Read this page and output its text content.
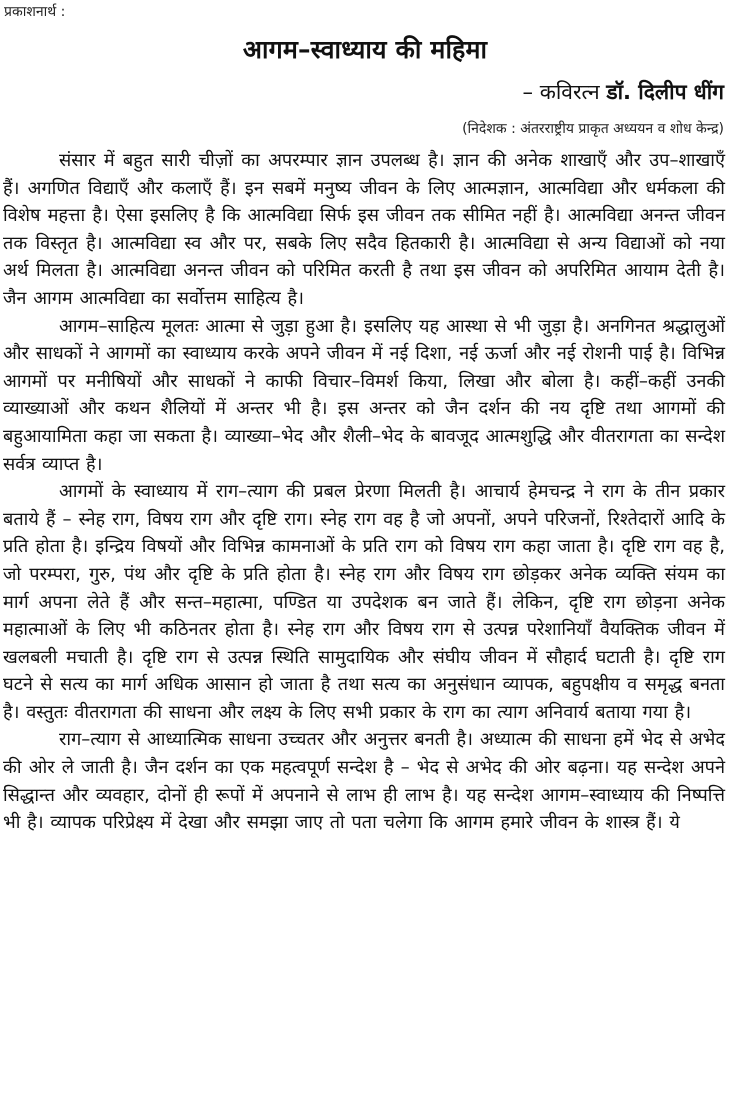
प्रकाशनार्थ :
आगम–स्वाध्याय की महिमा
– कविरत्न डॉ. दिलीप धींग
(निदेशक : अंतरराष्ट्रीय प्राकृत अध्ययन व शोध केन्द्र)

संसार में बहुत सारी चीज़ों का अपरम्पार ज्ञान उपलब्ध है। ज्ञान की अनेक शाखाएँ और उप–शाखाएँ हैं। अगणित विद्याएँ और कलाएँ हैं। इन सबमें मनुष्य जीवन के लिए आत्मज्ञान, आत्मविद्या और धर्मकला की विशेष महत्ता है। ऐसा इसलिए है कि आत्मविद्या सिर्फ इस जीवन तक सीमित नहीं है। आत्मविद्या अनन्त जीवन तक विस्तृत है। आत्मविद्या स्व और पर, सबके लिए सदैव हितकारी है। आत्मविद्या से अन्य विद्याओं को नया अर्थ मिलता है। आत्मविद्या अनन्त जीवन को परिमित करती है तथा इस जीवन को अपरिमित आयाम देती है। जैन आगम आत्मविद्या का सर्वोत्तम साहित्य है।

आगम–साहित्य मूलतः आत्मा से जुड़ा हुआ है। इसलिए यह आस्था से भी जुड़ा है। अनगिनत श्रद्धालुओं और साधकों ने आगमों का स्वाध्याय करके अपने जीवन में नई दिशा, नई ऊर्जा और नई रोशनी पाई है। विभिन्न आगमों पर मनीषियों और साधकों ने काफी विचार–विमर्श किया, लिखा और बोला है। कहीं–कहीं उनकी व्याख्याओं और कथन शैलियों में अन्तर भी है। इस अन्तर को जैन दर्शन की नय दृष्टि तथा आगमों की बहुआयामिता कहा जा सकता है। व्याख्या–भेद और शैली–भेद के बावजूद आत्मशुद्धि और वीतरागता का सन्देश सर्वत्र व्याप्त है।

आगमों के स्वाध्याय में राग–त्याग की प्रबल प्रेरणा मिलती है। आचार्य हेमचन्द्र ने राग के तीन प्रकार बताये हैं – स्नेह राग, विषय राग और दृष्टि राग। स्नेह राग वह है जो अपनों, अपने परिजनों, रिश्तेदारों आदि के प्रति होता है। इन्द्रिय विषयों और विभिन्न कामनाओं के प्रति राग को विषय राग कहा जाता है। दृष्टि राग वह है, जो परम्परा, गुरु, पंथ और दृष्टि के प्रति होता है। स्नेह राग और विषय राग छोड़कर अनेक व्यक्ति संयम का मार्ग अपना लेते हैं और सन्त–महात्मा, पण्डित या उपदेशक बन जाते हैं। लेकिन, दृष्टि राग छोड़ना अनेक महात्माओं के लिए भी कठिनतर होता है। स्नेह राग और विषय राग से उत्पन्न परेशानियाँ वैयक्तिक जीवन में खलबली मचाती है। दृष्टि राग से उत्पन्न स्थिति सामुदायिक और संघीय जीवन में सौहार्द घटाती है। दृष्टि राग घटने से सत्य का मार्ग अधिक आसान हो जाता है तथा सत्य का अनुसंधान व्यापक, बहुपक्षीय व समृद्ध बनता है। वस्तुतः वीतरागता की साधना और लक्ष्य के लिए सभी प्रकार के राग का त्याग अनिवार्य बताया गया है।

राग–त्याग से आध्यात्मिक साधना उच्चतर और अनुत्तर बनती है। अध्यात्म की साधना हमें भेद से अभेद की ओर ले जाती है। जैन दर्शन का एक महत्वपूर्ण सन्देश है – भेद से अभेद की ओर बढ़ना। यह सन्देश अपने सिद्धान्त और व्यवहार, दोनों ही रूपों में अपनाने से लाभ ही लाभ है। यह सन्देश आगम–स्वाध्याय की निष्पत्ति भी है। व्यापक परिप्रेक्ष्य में देखा और समझा जाए तो पता चलेगा कि आगम हमारे जीवन के शास्त्र हैं। ये
